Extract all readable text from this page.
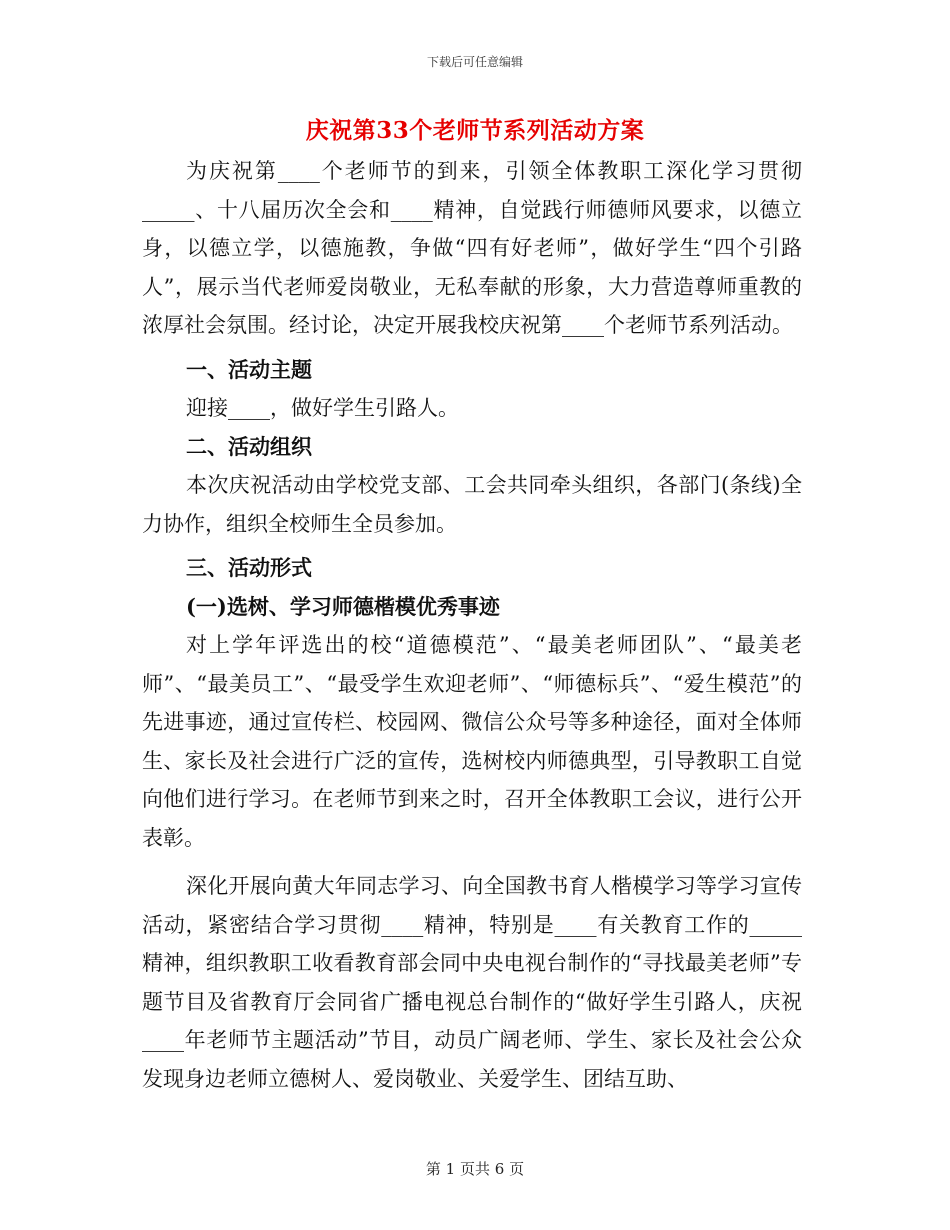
下载后可任意编辑
庆祝第33个老师节系列活动方案

为庆祝第____个老师节的到来，引领全体教职工深化学习贯彻_____、十八届历次全会和____精神，自觉践行师德师风要求，以德立身，以德立学，以德施教，争做“四有好老师”，做好学生“四个引路人”，展示当代老师爱岗敬业，无私奉献的形象，大力营造尊师重教的浓厚社会氛围。经讨论，决定开展我校庆祝第____个老师节系列活动。

一、活动主题

迎接____，做好学生引路人。

二、活动组织

本次庆祝活动由学校党支部、工会共同牵头组织，各部门(条线)全力协作，组织全校师生全员参加。

三、活动形式

(一)选树、学习师德楷模优秀事迹

对上学年评选出的校“道德模范”、“最美老师团队”、“最美老师”、“最美员工”、“最受学生欢迎老师”、“师德标兵”、“爱生模范”的先进事迹，通过宣传栏、校园网、微信公众号等多种途径，面对全体师生、家长及社会进行广泛的宣传，选树校内师德典型，引导教职工自觉向他们进行学习。在老师节到来之时，召开全体教职工会议，进行公开表彰。

深化开展向黄大年同志学习、向全国教书育人楷模学习等学习宣传活动，紧密结合学习贯彻____精神，特别是____有关教育工作的_____精神，组织教职工收看教育部会同中央电视台制作的“寻找最美老师”专题节目及省教育厅会同省广播电视总台制作的“做好学生引路人，庆祝____年老师节主题活动”节目，动员广阔老师、学生、家长及社会公众发现身边老师立德树人、爱岗敬业、关爱学生、团结互助、

第 1 页共 6 页
